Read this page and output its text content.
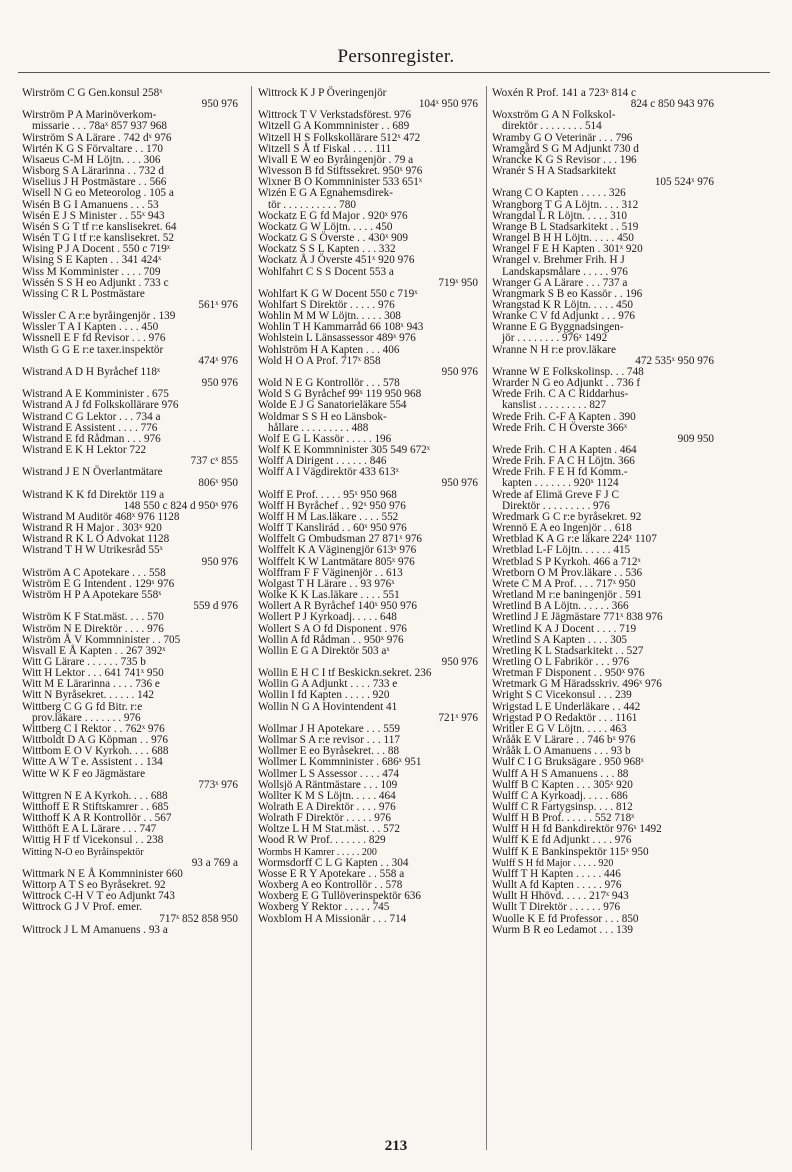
Personregister.
Wirström C G Gen.konsul 258ˣ
950 976
Wirström P A Marinöverkom-
missarie . . . 78aˣ 857 937 968
Wirström S A Lärare . 742 dˣ 976
Wirtén K G S Förvaltare . . 170
Wisaeus C-M H Löjtn. . . . 306
Wisborg S A Lärarinna . . 732 d
Wiselius J H Postmästare . . 566
Wisell N G eo Meteorolog . 105 a
Wisén B G I Amanuens . . . 53
Wisén E J S Minister . . 55ˣ 943
Wisén S G T tf r:e kanslisekret. 64
Wisén T G I tf r:e kanslisekret. 52
Wising P J A Docent . 550 c 719ˣ
Wising S E Kapten . . 341 424ˣ
Wiss M Komminister . . . . 709
Wissén S S H eo Adjunkt . 733 c
Wissing C R L Postmästare
561ˣ 976
Wissler C A r:e byråingenjör . 139
Wissler T A I Kapten . . . . 450
Wissnell E F fd Revisor . . . 976
Wisth G G E r:e taxer.inspektör
474ˣ 976
Wistrand A D H Byråchef 118ˣ
950 976
Wistrand A E Komminister . 675
Wistrand A J fd Folkskollärare 976
Wistrand C G Lektor . . . 734 a
Wistrand E Assistent . . . . 776
Wistrand E fd Rådman . . . 976
Wistrand E K H Lektor 722
737 cˣ 855
Wistrand J E N Överlantmätare
806ˣ 950
Wistrand K K fd Direktör 119 a
148 550 c 824 d 950ˣ 976
Wistrand M Auditör 468ˣ 976 1128
Wistrand R H Major . 303ˣ 920
Wistrand R K L O Advokat 1128
Wistrand T H W Utrikesråd 55ˣ
950 976
Wiström A C Apotekare . . . 558
Wiström E G Intendent . 129ˣ 976
Wiström H P A Apotekare 558ˣ
559 d 976
Wiström K F Stat.mäst. . . . 570
Wiström N E Direktör . . . . 976
Wiström Å V Kommninister . . 705
Wisvall E Å Kapten . . 267 392ˣ
Witt G Lärare . . . . . . 735 b
Witt H Lektor . . . 641 741ˣ 950
Witt M E Lärarinna . . . . 736 e
Witt N Byråsekret. . . . . . 142
Wittberg C G G fd Bitr. r:e
prov.läkare . . . . . . . 976
Wittberg C I Rektor . . 762ˣ 976
Wittboldt D A G Köpman . . 976
Wittbom E O V Kyrkoh. . . . 688
Witte A W T e. Assistent . . 134
Witte W K F eo Jägmästare
773ˣ 976
Wittgren N E A Kyrkoh. . . . 688
Witthoff E R Stiftskamrer . . 685
Witthoff K A R Kontrollör . . 567
Witthöft E A L Lärare . . . 747
Wittig H F tf Vicekonsul . . 238
Witting N-O eo Byråinspektör
93 a 769 a
Wittmark N E Å Kommninister 660
Wittorp A T S eo Byråsekret. 92
Wittrock C-H V T eo Adjunkt 743
Wittrock G J V Prof. emer.
717ˣ 852 858 950
Wittrock J L M Amanuens . 93 a
Wittrock K J P Överingenjör
104ˣ 950 976
Wittrock T V Verkstadsförest. 976
Witzell G A Kommninister . . 689
Witzell H S Folkskollärare 512ˣ 472
Witzell S Å tf Fiskal . . . . 111
Wivall E W eo Byråingenjör . 79 a
Wivesson B fd Stiftssekret. 950ˣ 976
Wixner B O Kommninister 533 651ˣ
Wizén E G A Egnahemsdirek-
tör . . . . . . . . . . 780
Wockatz E G fd Major . 920ˣ 976
Wockatz G W Löjtn. . . . . 450
Wockatz G S Överste . . 430ˣ 909
Wockatz S S L Kapten . . . 332
Wockatz Å J Överste 451ˣ 920 976
Wohlfahrt C S S Docent 553 a
719ˣ 950
Wohlfart K G W Docent 550 c 719ˣ
Wohlfart S Direktör . . . . . 976
Wohlin M M W Löjtn. . . . . 308
Wohlin T H Kammarråd 66 108ˣ 943
Wohlstein L Länsassessor 489ˣ 976
Wohlström H A Kapten . . . 406
Wold H O A Prof. 717ˣ 858
950 976
Wold N E G Kontrollör . . . 578
Wold S G Byråchef 99ˣ 119 950 968
Wolde E J G Sanatorieläkare 554
Woldmar S S H eo Länsbok-
hållare . . . . . . . . . 488
Wolf E G L Kassör . . . . . 196
Wolf K E Kommninister 305 549 672ˣ
Wolff A Dirigent . . . . . . 846
Wolff A I Vägdirektör 433 613ˣ
950 976
Wolff E Prof. . . . . 95ˣ 950 968
Wolff H Byråchef . . 92ˣ 950 976
Wolff H M Las.läkare . . . . 552
Wolff T Kanslirád . . 60ˣ 950 976
Wolffelt G Ombudsman 27 871ˣ 976
Wolffelt K A Väginengjör 613ˣ 976
Wolffelt K W Lantmätare 805ˣ 976
Wolffram F F Väginenjör . . 613
Wolgast T H Lärare . . 93 976ˣ
Wolke K K Las.läkare . . . . 551
Wollert A R Byråchef 140ˣ 950 976
Wollert P J Kyrkoadj. . . . . 648
Wollert S A O fd Disponent . 976
Wollin A fd Rådman . . 950ˣ 976
Wollin E G A Direktör 503 aˣ
950 976
Wollin E H C I tf Beskickn.sekret. 236
Wollin G A Adjunkt . . . . 733 e
Wollin I fd Kapten . . . . . 920
Wollin N G A Hovintendent 41
721ˣ 976
Wollmar J H Apotekare . . . 559
Wollmar S A r:e revisor . . . 117
Wollmer E eo Byråsekret. . . 88
Wollmer L Kommninister . 686ˣ 951
Wollmer L S Assessor . . . . 474
Wollsjö A Räntmästare . . . 109
Wollter K M S Löjtn. . . . . 464
Wolrath E A Direktör . . . . 976
Wolrath F Direktör . . . . . 976
Woltze L H M Stat.mäst. . . 572
Wood R W Prof. . . . . . . 829
Wormbs H Kamrer . . . . . 200
Wormsdorff C L G Kapten . . 304
Wosse E R Y Apotekare . . 558 a
Woxberg A eo Kontrollör . . 578
Woxberg E G Tullöverinspektör 636
Woxberg Y Rektor . . . . . 745
Woxblom H A Missionär . . . 714
Woxén R Prof. 141 a 723ˣ 814 c
824 c 850 943 976
Woxström G A N Folkskol-
direktör . . . . . . . . 514
Wramby G O Veterinär . . . 796
Wramgård S G M Adjunkt 730 d
Wrancke K G S Revisor . . . 196
Wranér S H A Stadsarkitekt
105 524ˣ 976
Wrang C O Kapten . . . . . 326
Wrangborg T G A Löjtn. . . . 312
Wrangdal L R Löjtn. . . . . 310
Wrange B L Stadsarkitekt . . 519
Wrangel B H H Löjtn. . . . . 450
Wrangel F E H Kapten . 301ˣ 920
Wrangel v. Brehmer Frih. H J
Landskapsmålare . . . . . 976
Wranger G A Lärare . . . 737 a
Wrangmark S B eo Kassör . . 196
Wrangstad K R Löjtn. . . . . 450
Wranke C V fd Adjunkt . . . 976
Wranne E G Byggnadsingen-
jör . . . . . . . . 976ˣ 1492
Wranne N H r:e prov.läkare
472 535ˣ 950 976
Wranne W E Folkskolinsp. . . 748
Wrarder N G eo Adjunkt . . 736 f
Wrede Frih. C A C Riddarhus-
kanslist . . . . . . . . . 827
Wrede Frih. C-F A Kapten . 390
Wrede Frih. C H Överste 366ˣ
909 950
Wrede Frih. C H A Kapten . 464
Wrede Frih. F A C H Löjtn. 366
Wrede Frih. F E H fd Komm.-
kapten . . . . . . . 920ˣ 1124
Wrede af Elimä Greve F J C
Direktör . . . . . . . . . 976
Wredmark G C r:e byråsekret. 92
Wrennö E A eo Ingenjör . . 618
Wretblad K A G r:e läkare 224ˣ 1107
Wretblad L-F Löjtn. . . . . . 415
Wretblad S P Kyrkoh. 466 a 712ˣ
Wretborn O M Prov.läkare . . 536
Wrete C M A Prof. . . . 717ˣ 950
Wretland M r:e baningenjör . 591
Wretlind B A Löjtn. . . . . . 366
Wretlind J E Jägmästare 771ˣ 838 976
Wretlind K A J Docent . . . . 719
Wretlind S A Kapten . . . . 305
Wretling K L Stadsarkitekt . . 527
Wretling O L Fabrikör . . . 976
Wretman F Disponent . . 950ˣ 976
Wretmark G M Häradsskriv. 496ˣ 976
Wright S C Vicekonsul . . . 239
Wrigstad L E Underläkare . . 442
Wrigstad P O Redaktör . . . 1161
Writler E G V Löjtn. . . . . 463
Wrååk E V Lärare . . 746 bˣ 976
Wrååk L O Amanuens . . . 93 b
Wulf C I G Bruksägare . 950 968ˣ
Wulff A H S Amanuens . . . 88
Wulff B C Kapten . . . 305ˣ 920
Wulff C A Kyrkoadj. . . . . 686
Wulff C R Fartygsinsp. . . . 812
Wulff H B Prof. . . . . . 552 718ˣ
Wulff H H fd Bankdirektör 976ˣ 1492
Wulff K E fd Adjunkt . . . . 976
Wulff K E Bankinspektör 115ˣ 950
Wulff S H fd Major . . . . . 920
Wulff T H Kapten . . . . . 446
Wullt A fd Kapten . . . . . 976
Wullt H Hhövd. . . . . 217ˣ 943
Wullt T Direktör . . . . . . 976
Wuolle K E fd Professor . . . 850
Wurm B R eo Ledamot . . . 139
213
